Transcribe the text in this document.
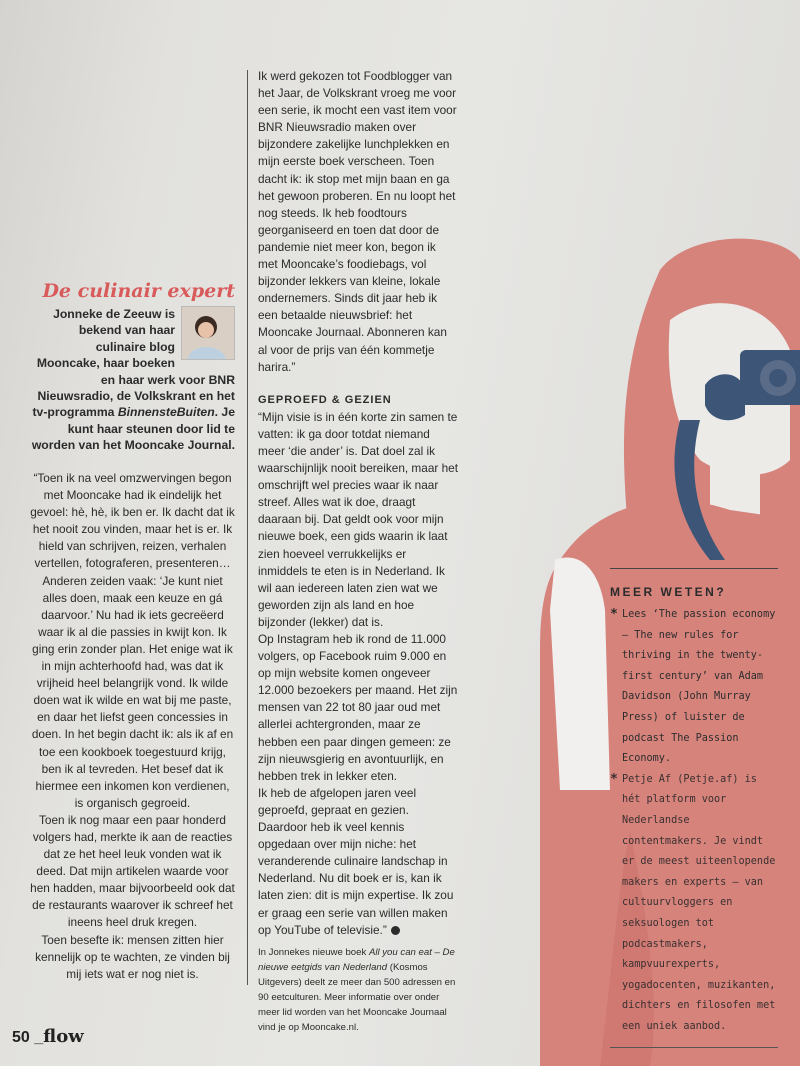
De culinair expert
Jonneke de Zeeuw is bekend van haar culinaire blog Mooncake, haar boeken en haar werk voor BNR Nieuwsradio, de Volkskrant en het tv-programma BinnensteBuiten. Je kunt haar steunen door lid te worden van het Mooncake Journal.

“Toen ik na veel omzwervingen begon met Mooncake had ik eindelijk het gevoel: hè, hè, ik ben er. Ik dacht dat ik het nooit zou vinden, maar het is er. Ik hield van schrijven, reizen, verhalen vertellen, fotograferen, presenteren… Anderen zeiden vaak: ‘Je kunt niet alles doen, maak een keuze en gá daarvoor.’ Nu had ik iets gecreëerd waar ik al die passies in kwijt kon. Ik ging erin zonder plan. Het enige wat ik in mijn achterhoofd had, was dat ik vrijheid heel belangrijk vond. Ik wilde doen wat ik wilde en wat bij me paste, en daar het liefst geen concessies in doen. In het begin dacht ik: als ik af en toe een kookboek toegestuurd krijg, ben ik al tevreden. Het besef dat ik hiermee een inkomen kon verdienen, is organisch gegroeid.

Toen ik nog maar een paar honderd volgers had, merkte ik aan de reacties dat ze het heel leuk vonden wat ik deed. Dat mijn artikelen waarde voor hen hadden, maar bijvoorbeeld ook dat de restaurants waarover ik schreef het ineens heel druk kregen.

Toen besefte ik: mensen zitten hier kennelijk op te wachten, ze vinden bij mij iets wat er nog niet is.

Ik werd gekozen tot Foodblogger van het Jaar, de Volkskrant vroeg me voor een serie, ik mocht een vast item voor BNR Nieuwsradio maken over bijzondere zakelijke lunchplekken en mijn eerste boek verscheen. Toen dacht ik: ik stop met mijn baan en ga het gewoon proberen. En nu loopt het nog steeds. Ik heb foodtours georganiseerd en toen dat door de pandemie niet meer kon, begon ik met Mooncake’s foodiebags, vol bijzonder lekkers van kleine, lokale ondernemers. Sinds dit jaar heb ik een betaalde nieuwsbrief: het Mooncake Journaal. Abonneren kan al voor de prijs van één kommetje harira.”

GEPROEFD & GEZIEN

“Mijn visie is in één korte zin samen te vatten: ik ga door totdat niemand meer ‘die ander’ is. Dat doel zal ik waarschijnlijk nooit bereiken, maar het omschrijft wel precies waar ik naar streef. Alles wat ik doe, draagt daaraan bij. Dat geldt ook voor mijn nieuwe boek, een gids waarin ik laat zien hoeveel verrukkelijks er inmiddels te eten is in Nederland. Ik wil aan iedereen laten zien wat we geworden zijn als land en hoe bijzonder (lekker) dat is.

Op Instagram heb ik rond de 11.000 volgers, op Facebook ruim 9.000 en op mijn website komen ongeveer 12.000 bezoekers per maand. Het zijn mensen van 22 tot 80 jaar oud met allerlei achtergronden, maar ze hebben een paar dingen gemeen: ze zijn nieuwsgierig en avontuurlijk, en hebben trek in lekker eten.

Ik heb de afgelopen jaren veel geproefd, gepraat en gezien. Daardoor heb ik veel kennis opgedaan over mijn niche: het veranderende culinaire landschap in Nederland. Nu dit boek er is, kan ik laten zien: dit is mijn expertise. Ik zou er graag een serie van willen maken op YouTube of televisie.”

In Jonnekes nieuwe boek All you can eat – De nieuwe eetgids van Nederland (Kosmos Uitgevers) deelt ze meer dan 500 adressen en 90 eetculturen. Meer informatie over onder meer lid worden van het Mooncake Journaal vind je op Mooncake.nl.

MEER WETEN?

* Lees ‘The passion economy – The new rules for thriving in the twenty-first century’ van Adam Davidson (John Murray Press) of luister de podcast The Passion Economy.

* Petje Af (Petje.af) is hét platform voor Nederlandse contentmakers. Je vindt er de meest uiteenlopende makers en experts – van cultuurvloggers en seksuologen tot podcastmakers, kampvuurexperts, yogadocenten, muzikanten, dichters en filosofen met een uniek aanbod.

50 _flow
